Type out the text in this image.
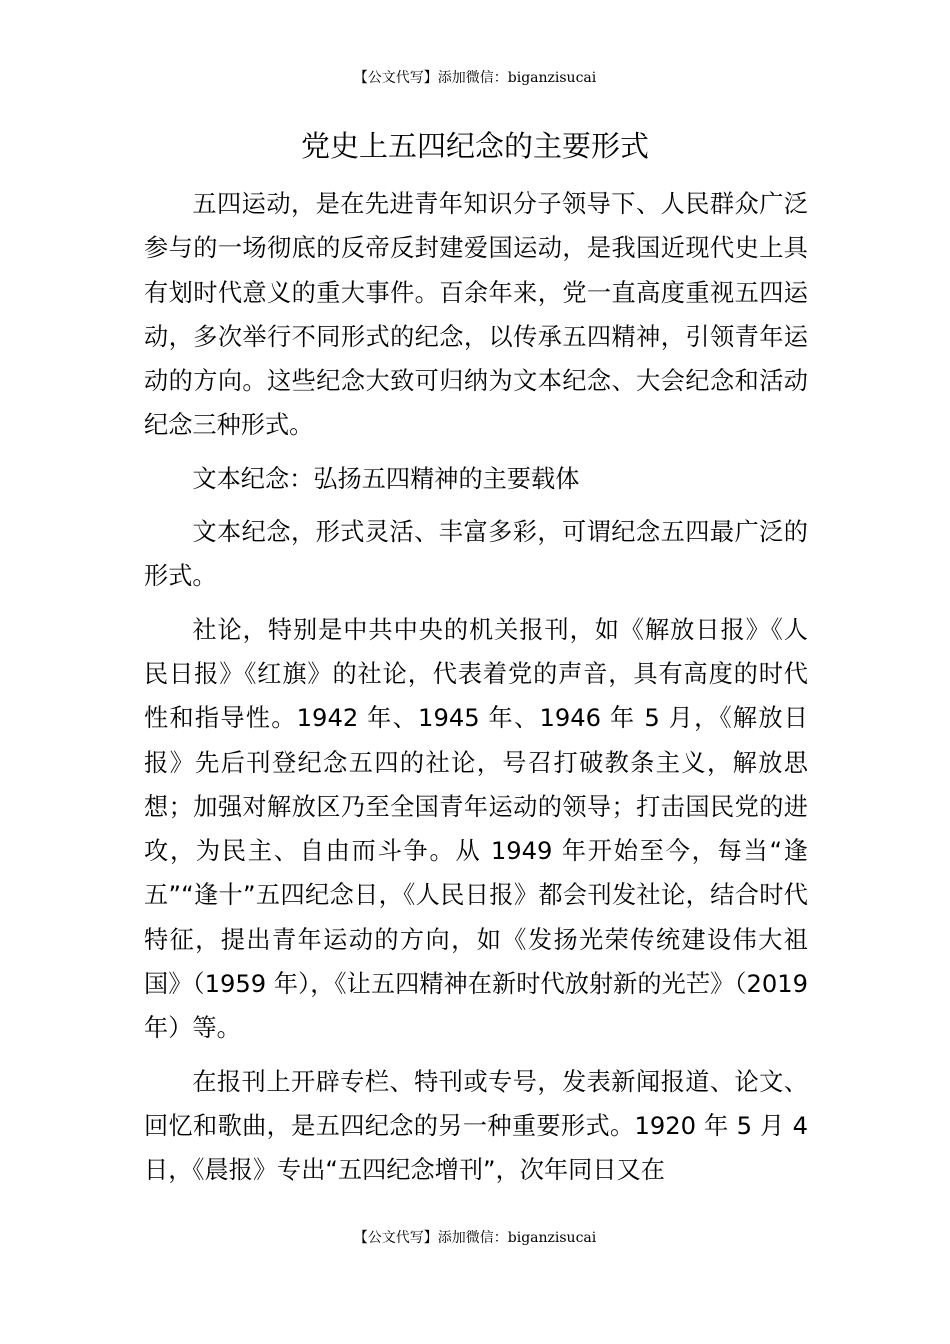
【公文代写】添加微信：biganzisucai
党史上五四纪念的主要形式

五四运动，是在先进青年知识分子领导下、人民群众广泛参与的一场彻底的反帝反封建爱国运动，是我国近现代史上具有划时代意义的重大事件。百余年来，党一直高度重视五四运动，多次举行不同形式的纪念，以传承五四精神，引领青年运动的方向。这些纪念大致可归纳为文本纪念、大会纪念和活动纪念三种形式。

文本纪念：弘扬五四精神的主要载体

文本纪念，形式灵活、丰富多彩，可谓纪念五四最广泛的形式。

社论，特别是中共中央的机关报刊，如《解放日报》《人民日报》《红旗》的社论，代表着党的声音，具有高度的时代性和指导性。1942 年、1945 年、1946 年 5 月，《解放日报》先后刊登纪念五四的社论，号召打破教条主义，解放思想；加强对解放区乃至全国青年运动的领导；打击国民党的进攻，为民主、自由而斗争。从 1949 年开始至今，每当“逢五”“逢十”五四纪念日，《人民日报》都会刊发社论，结合时代特征，提出青年运动的方向，如《发扬光荣传统建设伟大祖国》（1959 年），《让五四精神在新时代放射新的光芒》（2019 年）等。

在报刊上开辟专栏、特刊或专号，发表新闻报道、论文、回忆和歌曲，是五四纪念的另一种重要形式。1920 年 5 月 4 日，《晨报》专出“五四纪念增刊”，次年同日又在

【公文代写】添加微信：biganzisucai
